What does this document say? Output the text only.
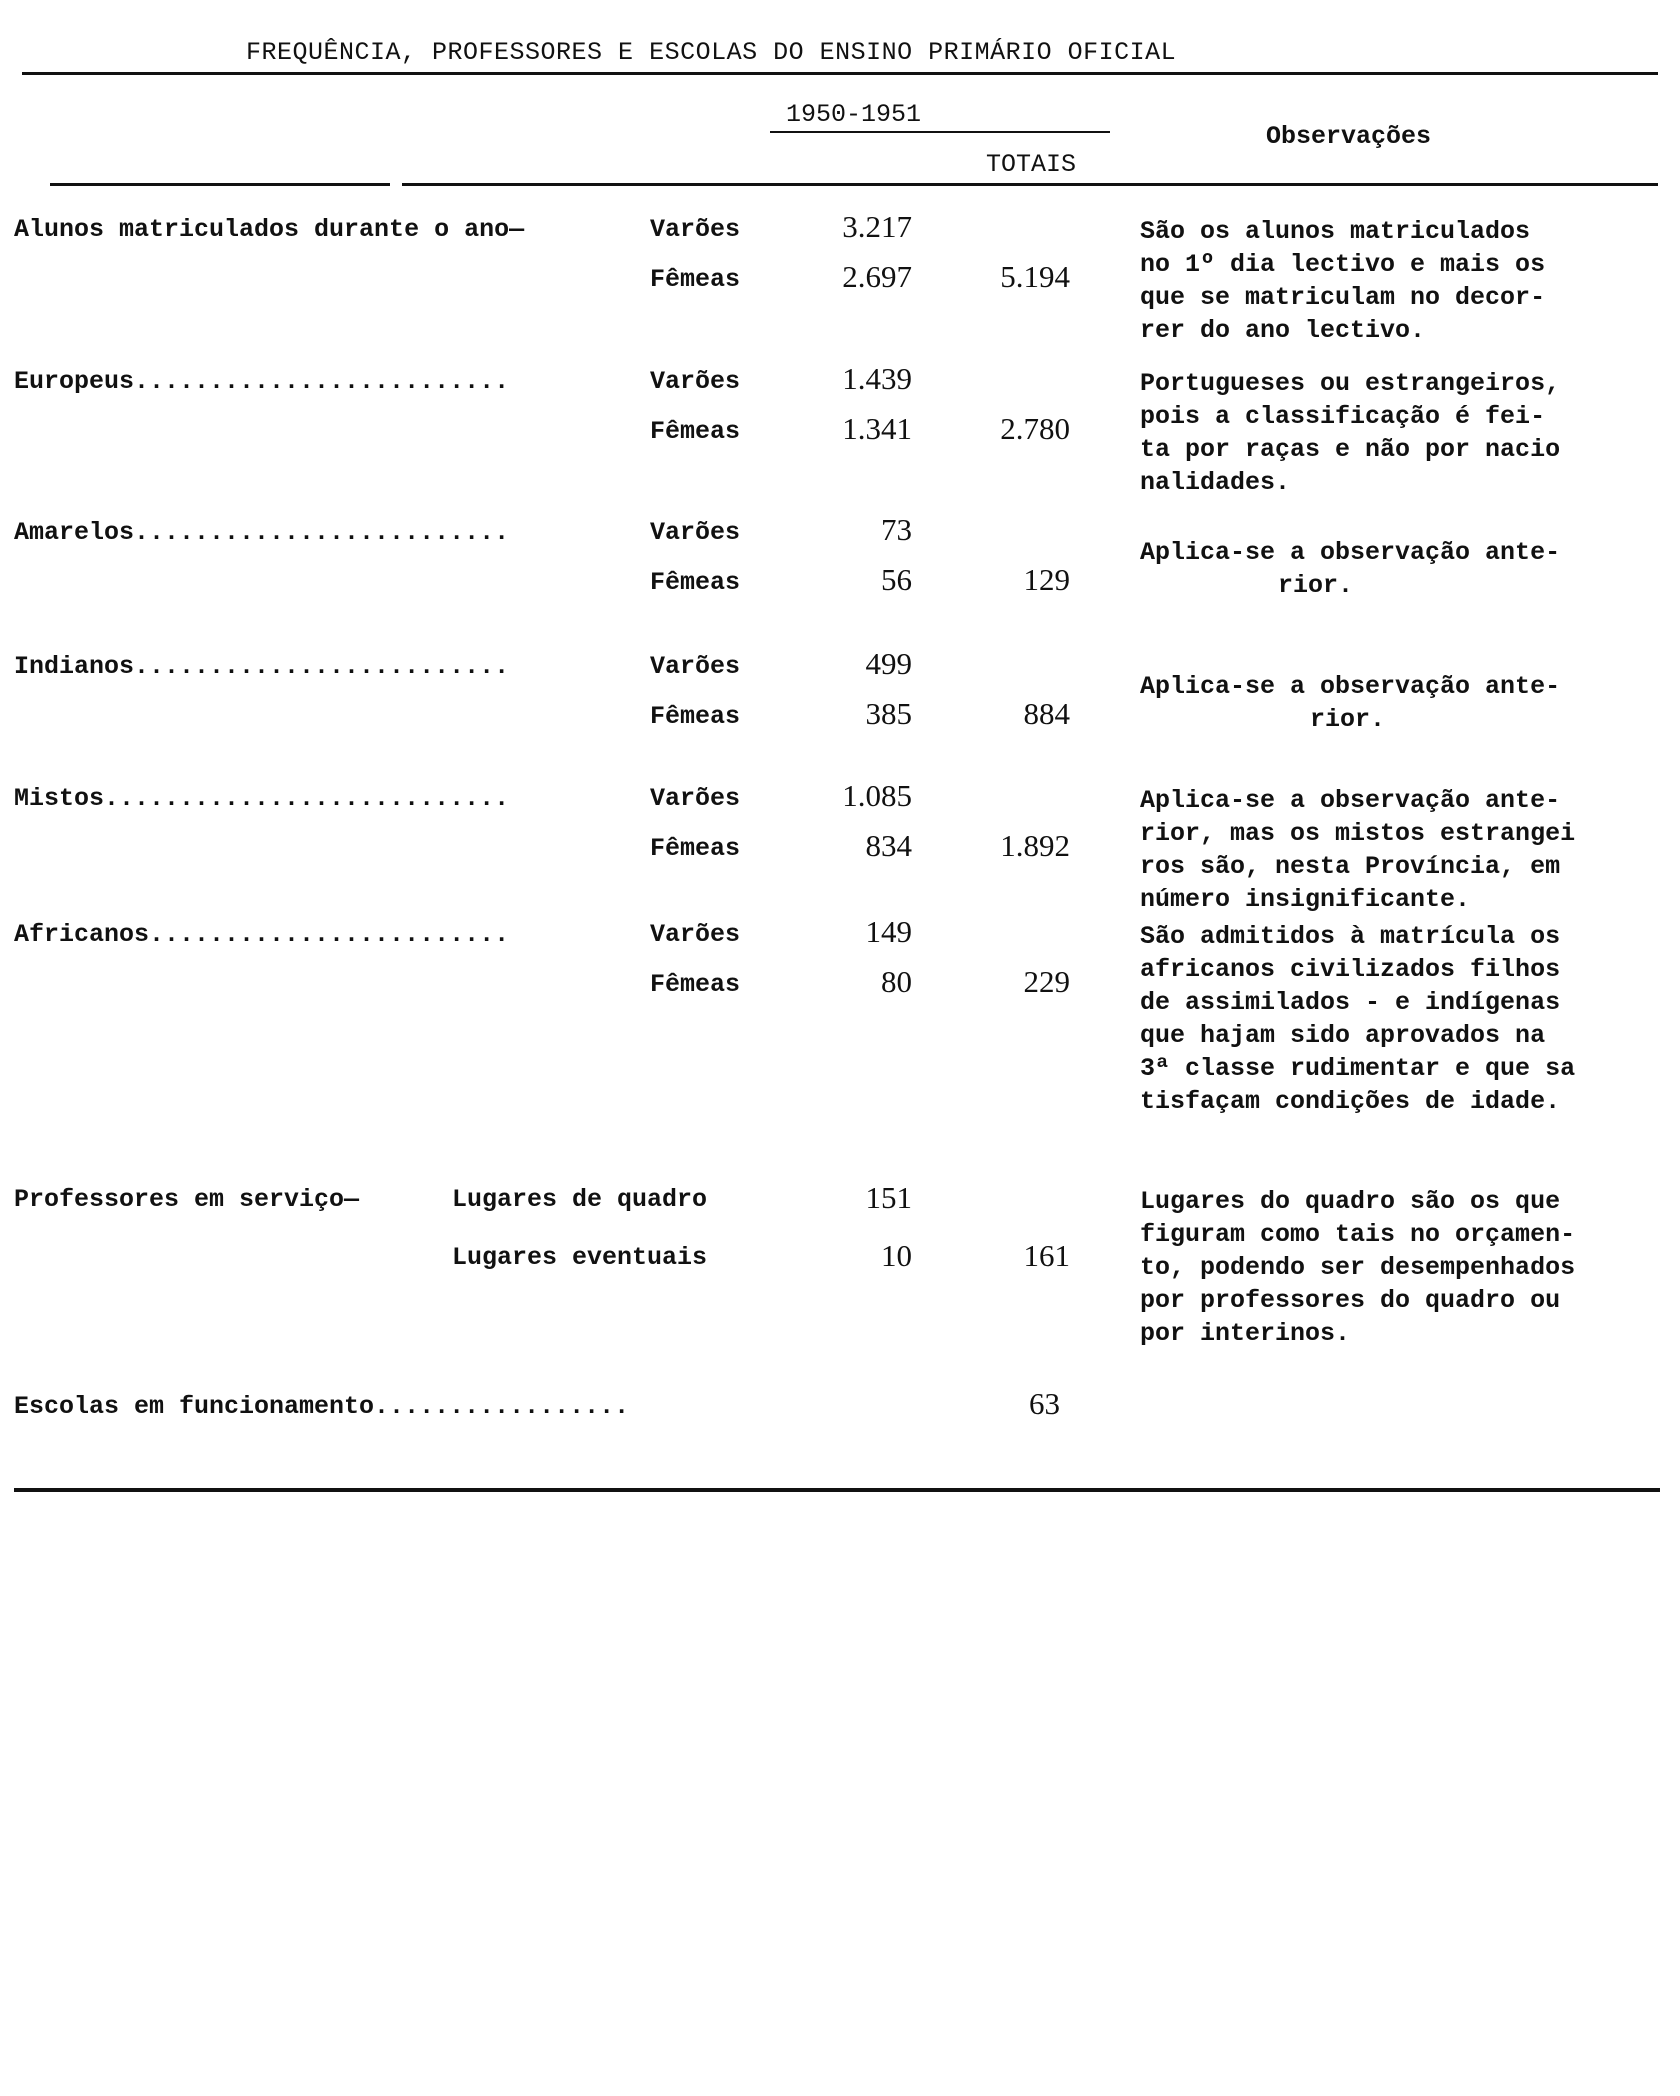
FREQUÊNCIA, PROFESSORES E ESCOLAS DO ENSINO PRIMÁRIO OFICIAL
1950-1951
TOTAIS
Observações
Alunos matriculados durante o ano—	Varões	3.217
Fêmeas	2.697	5.194
São os alunos matriculados
no 1º dia lectivo e mais os
que se matriculam no decor-
rer do ano lectivo.
Europeus.........................	Varões	1.439
Fêmeas	1.341	2.780
Portugueses ou estrangeiros,
pois a classificação é fei-
ta por raças e não por nacio
nalidades.
Amarelos.........................	Varões	73
Fêmeas	56	129
Aplica-se a observação ante-
rior.
Indianos.........................	Varões	499
Fêmeas	385	884
Aplica-se a observação ante-
rior.
Mistos...........................	Varões	1.085
Fêmeas	834	1.892
Aplica-se a observação ante-
rior, mas os mistos estrangei
ros são, nesta Província, em
número insignificante.
Africanos........................	Varões	149
Fêmeas	80	229
São admitidos à matrícula os
africanos civilizados filhos
de assimilados - e indígenas
que hajam sido aprovados na
3ª classe rudimentar e que sa
tisfaçam condições de idade.
Professores em serviço—	Lugares de quadro	151
Lugares eventuais	10	161
Lugares do quadro são os que
figuram como tais no orçamen-
to, podendo ser desempenhados
por professores do quadro ou
por interinos.
Escolas em funcionamento.................	63
